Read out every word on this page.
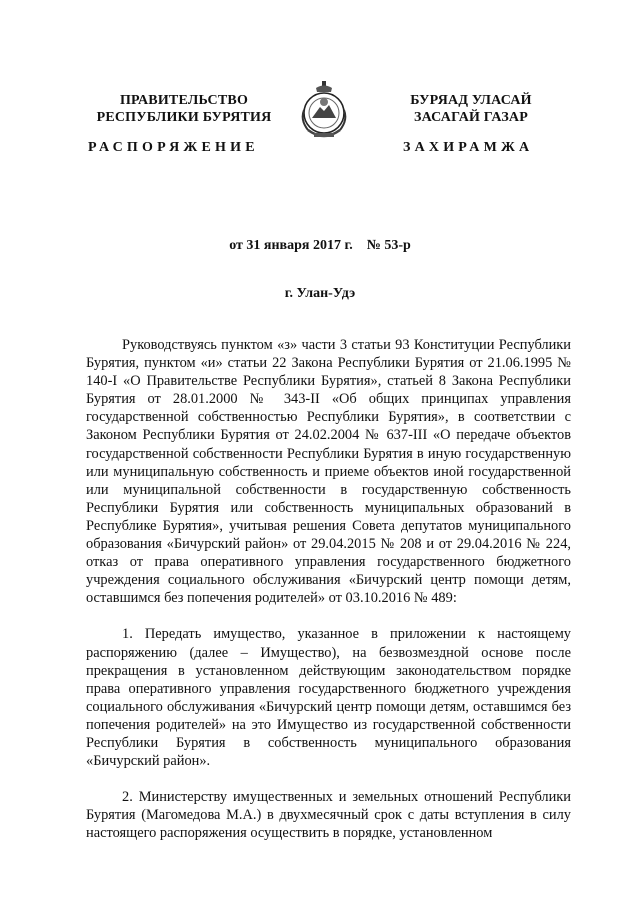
ПРАВИТЕЛЬСТВО
РЕСПУБЛИКИ БУРЯТИЯ
БУРЯАД УЛАСАЙ
ЗАСАГАЙ ГАЗАР
РАСПОРЯЖЕНИЕ	ЗАХИРАМЖА
от 31 января 2017 г.    № 53-р
г. Улан-Удэ

Руководствуясь пунктом «з» части 3 статьи 93 Конституции Республики Бурятия, пунктом «и» статьи 22 Закона Республики Бурятия от 21.06.1995 № 140-I «О Правительстве Республики Бурятия», статьей 8 Закона Республики Бурятия от 28.01.2000 № 343-II «Об общих принципах управления государственной собственностью Республики Бурятия», в соответствии с Законом Республики Бурятия от 24.02.2004 № 637-III «О передаче объектов государственной собственности Республики Бурятия в иную государственную или муниципальную собственность и приеме объектов иной государственной или муниципальной собственности в государственную собственность Республики Бурятия или собственность муниципальных образований в Республике Бурятия», учитывая решения Совета депутатов муниципального образования «Бичурский район» от 29.04.2015 № 208 и от 29.04.2016 № 224, отказ от права оперативного управления государственного бюджетного учреждения социального обслуживания «Бичурский центр помощи детям, оставшимся без попечения родителей» от 03.10.2016 № 489:

1. Передать имущество, указанное в приложении к настоящему распоряжению (далее – Имущество), на безвозмездной основе после прекращения в установленном действующим законодательством порядке права оперативного управления государственного бюджетного учреждения социального обслуживания «Бичурский центр помощи детям, оставшимся без попечения родителей» на это Имущество из государственной собственности Республики Бурятия в собственность муниципального образования «Бичурский район».

2. Министерству имущественных и земельных отношений Республики Бурятия (Магомедова М.А.) в двухмесячный срок с даты вступления в силу настоящего распоряжения осуществить в порядке, установленном
